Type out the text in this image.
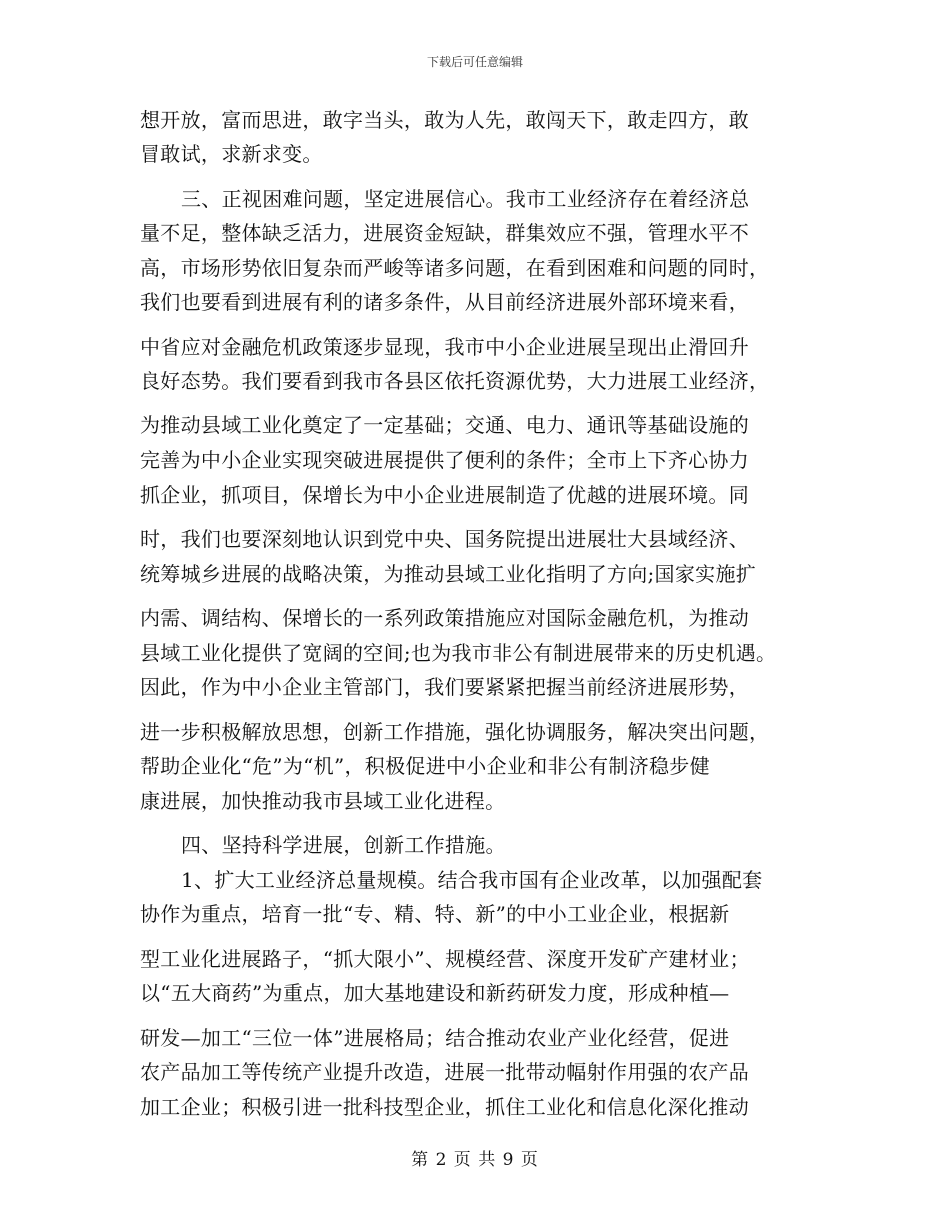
下载后可任意编辑
想开放，富而思进，敢字当头，敢为人先，敢闯天下，敢走四方，敢
冒敢试，求新求变。
三、正视困难问题，坚定进展信心。我市工业经济存在着经济总
量不足，整体缺乏活力，进展资金短缺，群集效应不强，管理水平不
高，市场形势依旧复杂而严峻等诸多问题，在看到困难和问题的同时，
我们也要看到进展有利的诸多条件，从目前经济进展外部环境来看，
中省应对金融危机政策逐步显现，我市中小企业进展呈现出止滑回升
良好态势。我们要看到我市各县区依托资源优势，大力进展工业经济，
为推动县域工业化奠定了一定基础；交通、电力、通讯等基础设施的
完善为中小企业实现突破进展提供了便利的条件；全市上下齐心协力
抓企业，抓项目，保增长为中小企业进展制造了优越的进展环境。同
时，我们也要深刻地认识到党中央、国务院提出进展壮大县域经济、
统筹城乡进展的战略决策，为推动县域工业化指明了方向;国家实施扩
内需、调结构、保增长的一系列政策措施应对国际金融危机，为推动
县域工业化提供了宽阔的空间;也为我市非公有制进展带来的历史机遇。
因此，作为中小企业主管部门，我们要紧紧把握当前经济进展形势，
进一步积极解放思想，创新工作措施，强化协调服务，解决突出问题，
帮助企业化“危”为“机”，积极促进中小企业和非公有制济稳步健
康进展，加快推动我市县域工业化进程。
四、坚持科学进展，创新工作措施。
1、扩大工业经济总量规模。结合我市国有企业改革，以加强配套
协作为重点，培育一批“专、精、特、新”的中小工业企业，根据新
型工业化进展路子，“抓大限小”、规模经营、深度开发矿产建材业；
以“五大商药”为重点，加大基地建设和新药研发力度，形成种植—
研发—加工“三位一体”进展格局；结合推动农业产业化经营，促进
农产品加工等传统产业提升改造，进展一批带动幅射作用强的农产品
加工企业；积极引进一批科技型企业，抓住工业化和信息化深化推动
第 2 页 共 9 页
